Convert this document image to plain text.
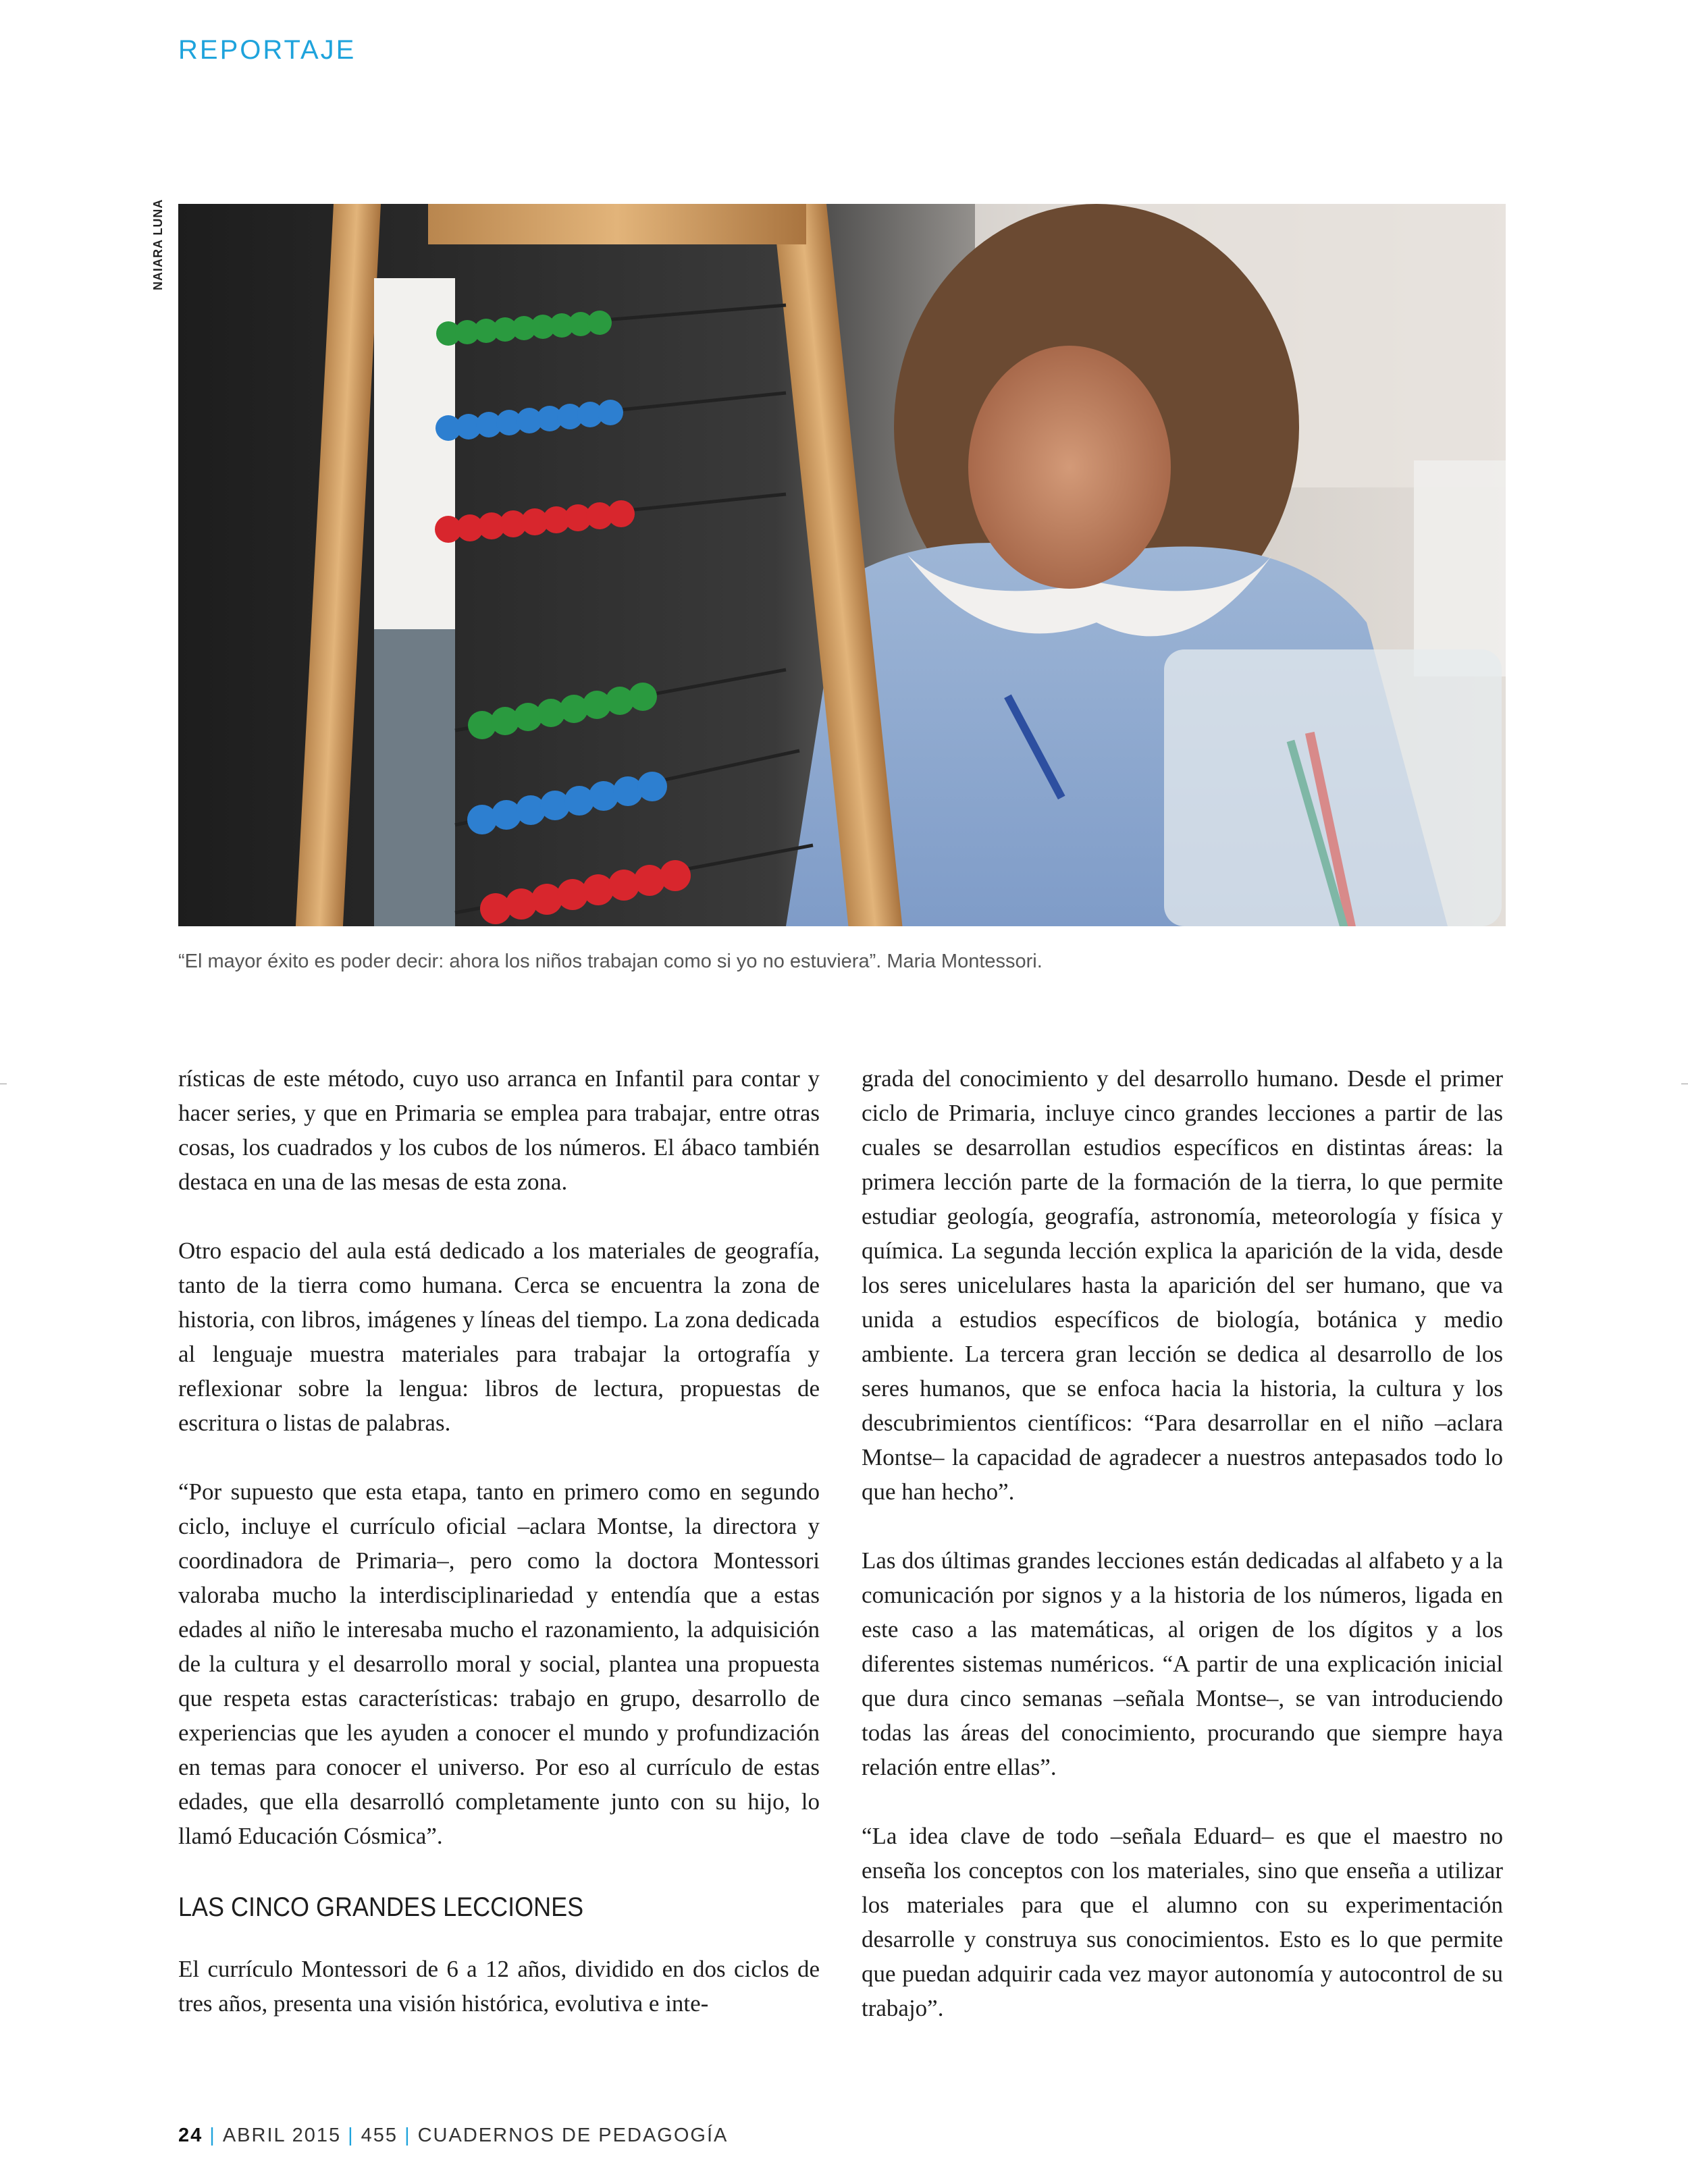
REPORTAJE
NAIARA LUNA
“El mayor éxito es poder decir: ahora los niños trabajan como si yo no estuviera”. Maria Montessori.

rísticas de este método, cuyo uso arranca en Infantil para contar y hacer series, y que en Primaria se emplea para trabajar, entre otras cosas, los cuadrados y los cubos de los números. El ábaco también destaca en una de las mesas de esta zona.

Otro espacio del aula está dedicado a los materiales de geografía, tanto de la tierra como humana. Cerca se encuentra la zona de historia, con libros, imágenes y líneas del tiempo. La zona dedicada al lenguaje muestra materiales para trabajar la ortografía y reflexionar sobre la lengua: libros de lectura, propuestas de escritura o listas de palabras.

“Por supuesto que esta etapa, tanto en primero como en segundo ciclo, incluye el currículo oficial –aclara Montse, la directora y coordinadora de Primaria–, pero como la doctora Montessori valoraba mucho la interdisciplinariedad y entendía que a estas edades al niño le interesaba mucho el razonamiento, la adquisición de la cultura y el desarrollo moral y social, plantea una propuesta que respeta estas características: trabajo en grupo, desarrollo de experiencias que les ayuden a conocer el mundo y profundización en temas para conocer el universo. Por eso al currículo de estas edades, que ella desarrolló completamente junto con su hijo, lo llamó Educación Cósmica”.

LAS CINCO GRANDES LECCIONES

El currículo Montessori de 6 a 12 años, dividido en dos ciclos de tres años, presenta una visión histórica, evolutiva e inte-

grada del conocimiento y del desarrollo humano. Desde el primer ciclo de Primaria, incluye cinco grandes lecciones a partir de las cuales se desarrollan estudios específicos en distintas áreas: la primera lección parte de la formación de la tierra, lo que permite estudiar geología, geografía, astronomía, meteorología y física y química. La segunda lección explica la aparición de la vida, desde los seres unicelulares hasta la aparición del ser humano, que va unida a estudios específicos de biología, botánica y medio ambiente. La tercera gran lección se dedica al desarrollo de los seres humanos, que se enfoca hacia la historia, la cultura y los descubrimientos científicos: “Para desarrollar en el niño –aclara Montse– la capacidad de agradecer a nuestros antepasados todo lo que han hecho”.

Las dos últimas grandes lecciones están dedicadas al alfabeto y a la comunicación por signos y a la historia de los números, ligada en este caso a las matemáticas, al origen de los dígitos y a los diferentes sistemas numéricos. “A partir de una explicación inicial que dura cinco semanas –señala Montse–, se van introduciendo todas las áreas del conocimiento, procurando que siempre haya relación entre ellas”.

“La idea clave de todo –señala Eduard– es que el maestro no enseña los conceptos con los materiales, sino que enseña a utilizar los materiales para que el alumno con su experimentación desarrolle y construya sus conocimientos. Esto es lo que permite que puedan adquirir cada vez mayor autonomía y autocontrol de su trabajo”.

24 | ABRIL 2015 | 455 | CUADERNOS DE PEDAGOGÍA
